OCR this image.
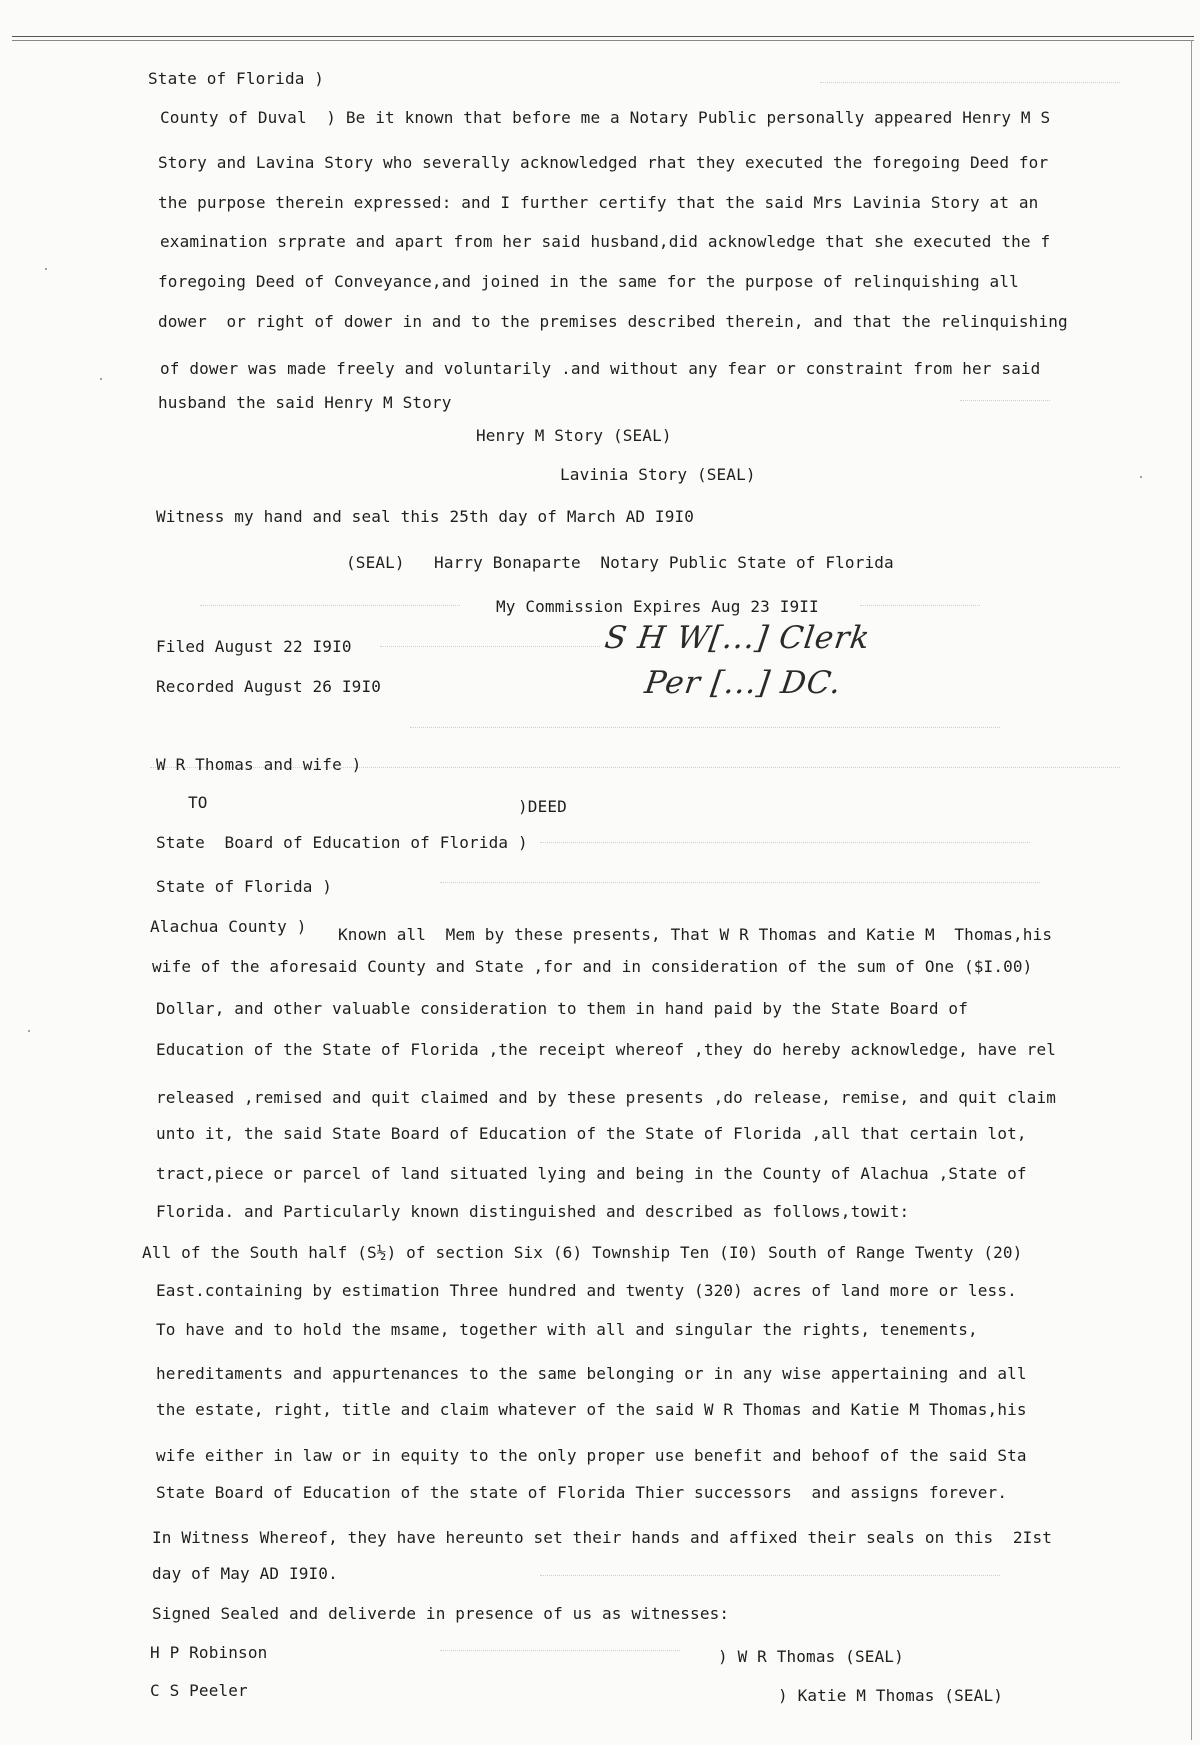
State of Florida )
County of Duval  ) Be it known that before me a Notary Public personally appeared Henry M S
Story and Lavina Story who severally acknowledged rhat they executed the foregoing Deed for
the purpose therein expressed: and I further certify that the said Mrs Lavinia Story at an
examination srprate and apart from her said husband,did acknowledge that she executed the f
foregoing Deed of Conveyance,and joined in the same for the purpose of relinquishing all
dower  or right of dower in and to the premises described therein, and that the relinquishing
of dower was made freely and voluntarily .and without any fear or constraint from her said
husband the said Henry M Story
Henry M Story (SEAL)
Lavinia Story (SEAL)
Witness my hand and seal this 25th day of March AD I9I0
(SEAL)   Harry Bonaparte  Notary Public State of Florida
My Commission Expires Aug 23 I9II
Filed August 22 I9I0
Recorded August 26 I9I0
S H W[...] Clerk
Per [...] DC.
W R Thomas and wife )
TO	)DEED
State  Board of Education of Florida )
State of Florida )
Alachua County ) Known all  Mem by these presents, That W R Thomas and Katie M  Thomas,his
wife of the aforesaid County and State ,for and in consideration of the sum of One ($I.00)
Dollar, and other valuable consideration to them in hand paid by the State Board of
Education of the State of Florida ,the receipt whereof ,they do hereby acknowledge, have rel
released ,remised and quit claimed and by these presents ,do release, remise, and quit claim
unto it, the said State Board of Education of the State of Florida ,all that certain lot,
tract,piece or parcel of land situated lying and being in the County of Alachua ,State of
Florida. and Particularly known distinguished and described as follows,towit:
All of the South half (S½) of section Six (6) Township Ten (I0) South of Range Twenty (20)
East.containing by estimation Three hundred and twenty (320) acres of land more or less.
To have and to hold the msame, together with all and singular the rights, tenements,
hereditaments and appurtenances to the same belonging or in any wise appertaining and all
the estate, right, title and claim whatever of the said W R Thomas and Katie M Thomas,his
wife either in law or in equity to the only proper use benefit and behoof of the said Sta
State Board of Education of the state of Florida Thier successors  and assigns forever.
In Witness Whereof, they have hereunto set their hands and affixed their seals on this  2Ist
day of May AD I9I0.
Signed Sealed and deliverde in presence of us as witnesses:
H P Robinson	) W R Thomas (SEAL)
C S Peeler	) Katie M Thomas (SEAL)
